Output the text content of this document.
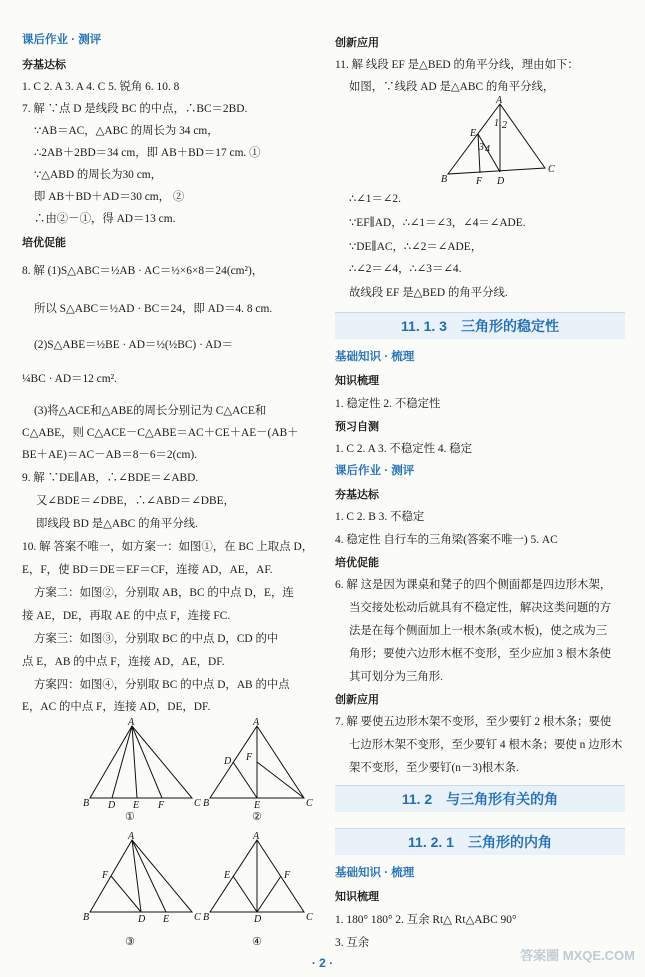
课后作业 · 测评
夯基达标
1. C 2. A 3. A 4. C 5. 锐角 6. 10. 8
7. 解 ∵点 D 是线段 BC 的中点，∴BC＝2BD.
∵AB＝AC，△ABC 的周长为 34 cm，
∴2AB＋2BD＝34 cm，即 AB＋BD＝17 cm. ①
∵△ABD 的周长为30 cm，
即 AB＋BD＋AD＝30 cm， ②
∴由②－①，得 AD＝13 cm.
培优促能
8. 解 (1)S△ABC＝½AB · AC＝½×6×8＝24(cm²)，
所以 S△ABC＝½AD · BC＝24，即 AD＝4. 8 cm.
(2)S△ABE＝½BE · AD＝½(½BC) · AD＝
¼BC · AD＝12 cm².
(3)将△ACE和△ABE的周长分别记为 C△ACE和
C△ABE，则 C△ACE－C△ABE＝AC＋CE＋AE－(AB＋
BE＋AE)＝AC－AB＝8－6＝2(cm).
9. 解 ∵DE∥AB，∴∠BDE＝∠ABD.
又∠BDE＝∠DBE，∴∠ABD＝∠DBE，
即线段 BD 是△ABC 的角平分线.
10. 解 答案不唯一，如方案一：如图①，在 BC 上取点 D，
E，F，使 BD＝DE＝EF＝CF，连接 AD，AE，AF.
方案二：如图②，分别取 AB，BC 的中点 D，E，连
接 AE，DE，再取 AE 的中点 F，连接 FC.
方案三：如图③，分别取 BC 的中点 D，CD 的中
点 E，AB 的中点 F，连接 AD，AE，DF.
方案四：如图④，分别取 BC 的中点 D，AB 的中点
E，AC 的中点 F，连接 AD，DE，DF.
A
B D E F	C
①
A
B	C
D F
E
②
A
B
F
D E C
③
A
B	C
E	F
D
④
创新应用
11. 解 线段 EF 是△BED 的角平分线，理由如下：
如图，∵线段 AD 是△ABC 的角平分线，
A
B
C
E
F D
1 2
3 4
∴∠1＝∠2.
∵EF∥AD，∴∠1＝∠3，∠4＝∠ADE.
∵DE∥AC，∴∠2＝∠ADE，
∴∠2＝∠4，∴∠3＝∠4.
故线段 EF 是△BED 的角平分线.
11. 1. 3　三角形的稳定性
基础知识 · 梳理
知识梳理
1. 稳定性 2. 不稳定性
预习自测
1. C 2. A 3. 不稳定性 4. 稳定
课后作业 · 测评
夯基达标
1. C 2. B 3. 不稳定
4. 稳定性 自行车的三角梁(答案不唯一) 5. AC
培优促能
6. 解 这是因为课桌和凳子的四个侧面都是四边形木架，
当交接处松动后就具有不稳定性，解决这类问题的方
法是在每个侧面加上一根木条(或木板)，使之成为三
角形；要使六边形木框不变形，至少应加 3 根木条使
其可划分为三角形.
创新应用
7. 解 要使五边形木架不变形，至少要钉 2 根木条；要使
七边形木架不变形，至少要钉 4 根木条；要使 n 边形木
架不变形，至少要钉(n－3)根木条.
11. 2　与三角形有关的角
11. 2. 1　三角形的内角
基础知识 · 梳理
知识梳理
1. 180° 180° 2. 互余 Rt△ Rt△ABC 90°
3. 互余
· 2 ·	答案圈 MXQE.COM
